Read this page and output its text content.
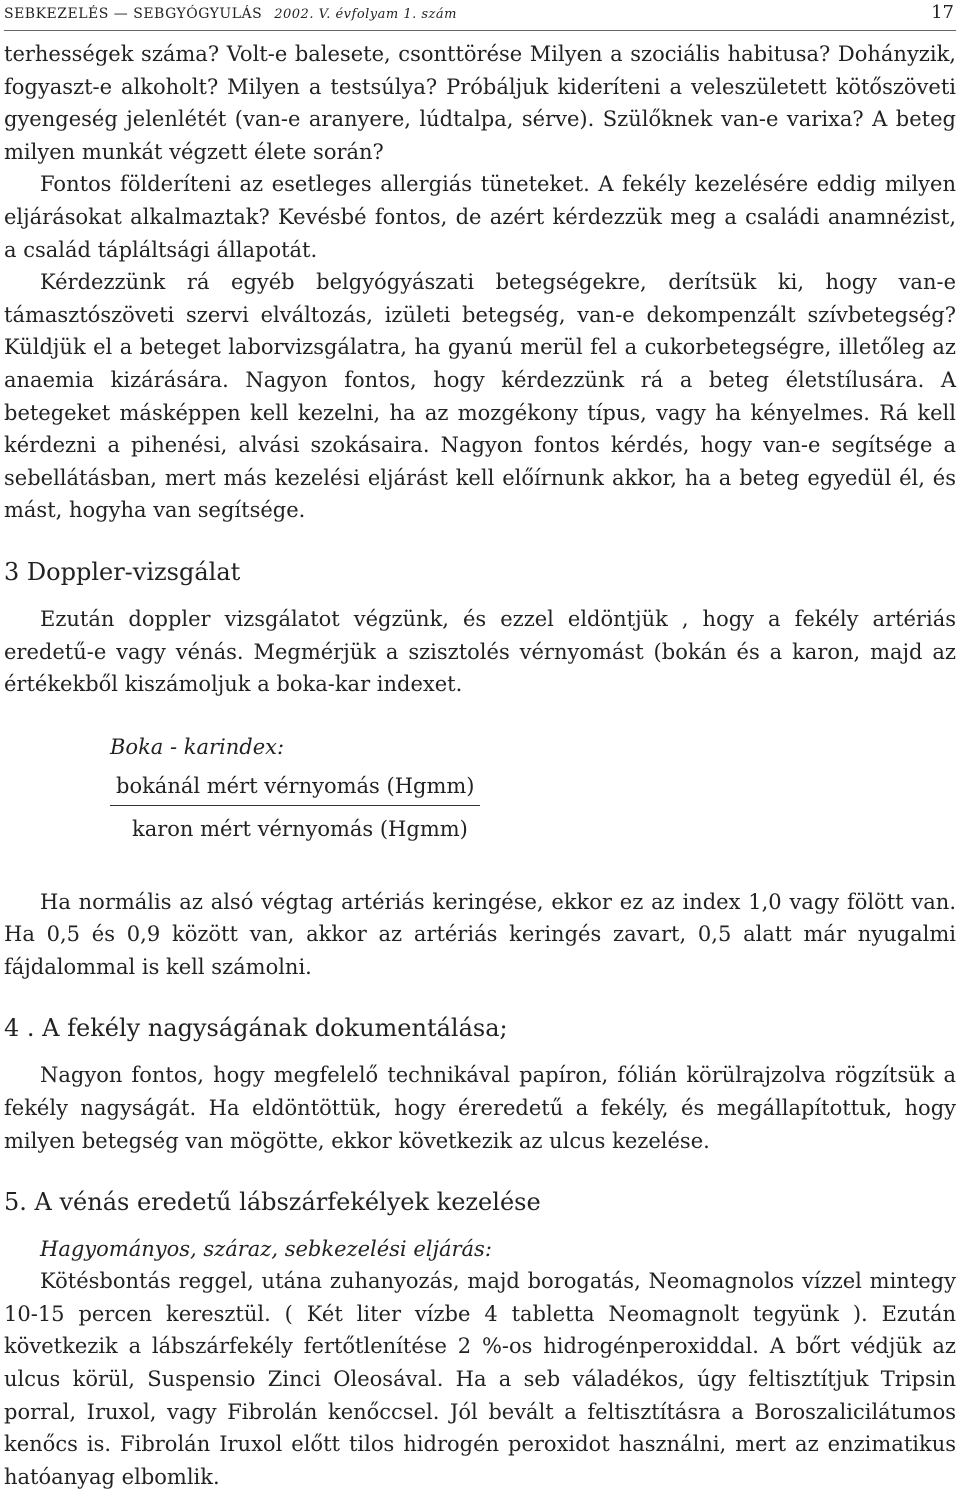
SEBKEZELÉS — SEBGYÓGYULÁS 2002. V. évfolyam 1. szám	17

terhességek száma? Volt-e balesete, csonttörése Milyen a szociális habitusa? Dohányzik, fogyaszt-e alkoholt? Milyen a testsúlya? Próbáljuk kideríteni a veleszületett kötőszöveti gyengeség jelenlétét (van-e aranyere, lúdtalpa, sérve). Szülőknek van-e varixa? A beteg milyen munkát végzett élete során?

Fontos földeríteni az esetleges allergiás tüneteket. A fekély kezelésére eddig milyen eljárásokat alkalmaztak? Kevésbé fontos, de azért kérdezzük meg a családi anamnézist, a család tápláltsági állapotát.

Kérdezzünk rá egyéb belgyógyászati betegségekre, derítsük ki, hogy van-e támasztószöveti szervi elváltozás, izületi betegség, van-e dekompenzált szívbetegség? Küldjük el a beteget laborvizsgálatra, ha gyanú merül fel a cukorbetegségre, illetőleg az anaemia kizárására. Nagyon fontos, hogy kérdezzünk rá a beteg életstílusára. A betegeket másképpen kell kezelni, ha az mozgékony típus, vagy ha kényelmes. Rá kell kérdezni a pihenési, alvási szokásaira. Nagyon fontos kérdés, hogy van-e segítsége a sebellátásban, mert más kezelési eljárást kell előírnunk akkor, ha a beteg egyedül él, és mást, hogyha van segítsége.

3 Doppler-vizsgálat

Ezután doppler vizsgálatot végzünk, és ezzel eldöntjük , hogy a fekély artériás eredetű-e vagy vénás. Megmérjük a szisztolés vérnyomást (bokán és a karon, majd az értékekből kiszámoljuk a boka-kar indexet.

Boka - karindex:
$\frac{\text{bokánál mért vérnyomás (Hgmm)}}{\text{karon mért vérnyomás (Hgmm)}}$

Ha normális az alsó végtag artériás keringése, ekkor ez az index 1,0 vagy fölött van. Ha 0,5 és 0,9 között van, akkor az artériás keringés zavart, 0,5 alatt már nyugalmi fájdalommal is kell számolni.

4 . A fekély nagyságának dokumentálása;

Nagyon fontos, hogy megfelelő technikával papíron, fólián körülrajzolva rögzítsük a fekély nagyságát. Ha eldöntöttük, hogy éreredetű a fekély, és megállapítottuk, hogy milyen betegség van mögötte, ekkor következik az ulcus kezelése.

5. A vénás eredetű lábszárfekélyek kezelése
Hagyományos, száraz, sebkezelési eljárás:

Kötésbontás reggel, utána zuhanyozás, majd borogatás, Neomagnolos vízzel mintegy 10-15 percen keresztül. ( Két liter vízbe 4 tabletta Neomagnolt tegyünk ). Ezután következik a lábszárfekély fertőtlenítése 2 %-os hidrogénperoxiddal. A bőrt védjük az ulcus körül, Suspensio Zinci Oleosával. Ha a seb váladékos, úgy feltisztítjuk Tripsin porral, Iruxol, vagy Fibrolán kenőccsel. Jól bevált a feltisztításra a Boroszalicilátumos kenőcs is. Fibrolán Iruxol előtt tilos hidrogén peroxidot használni, mert az enzimatikus hatóanyag elbomlik.
